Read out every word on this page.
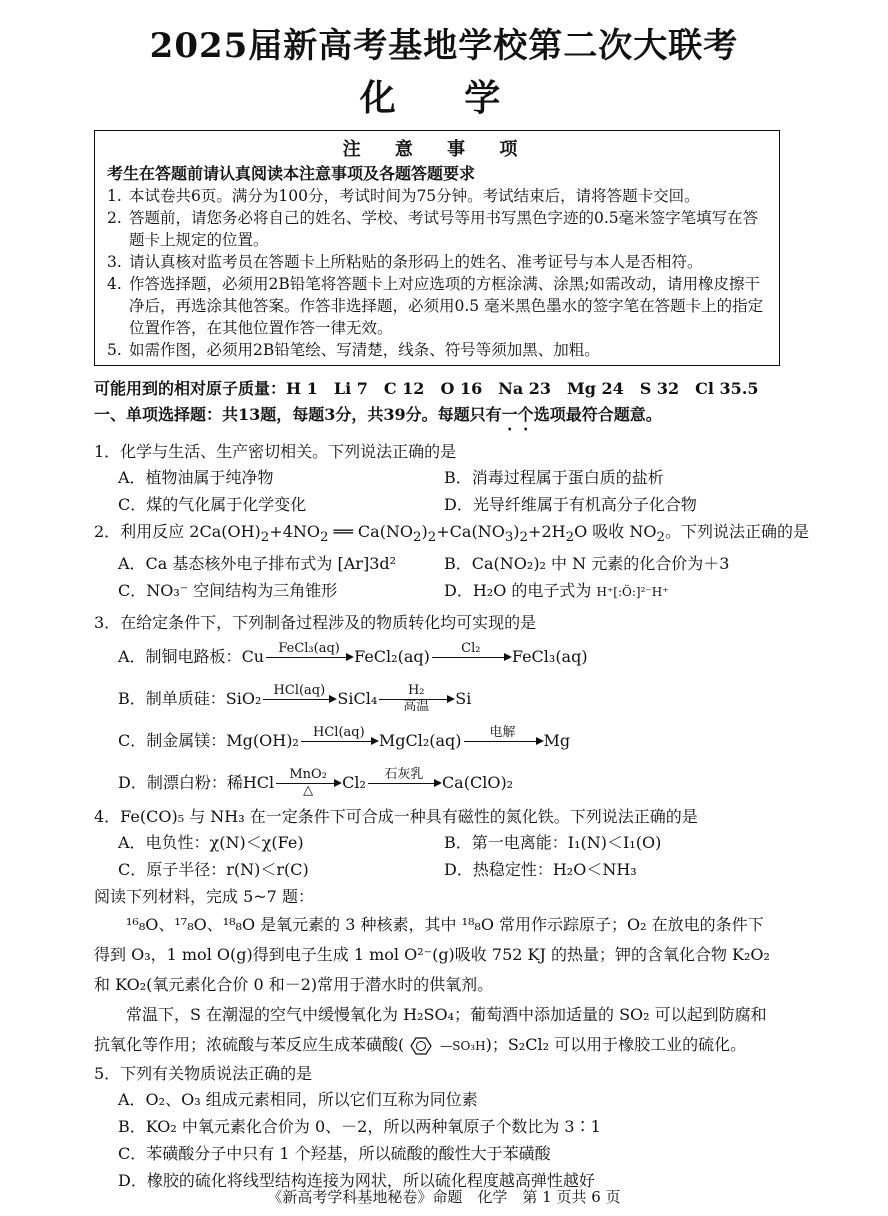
2025届新高考基地学校第二次大联考
化 学
注 意 事 项
考生在答题前请认真阅读本注意事项及各题答题要求
1. 本试卷共6页。满分为100分，考试时间为75分钟。考试结束后，请将答题卡交回。
2. 答题前，请您务必将自己的姓名、学校、考试号等用书写黑色字迹的0.5毫米签字笔填写在答题卡上规定的位置。
3. 请认真核对监考员在答题卡上所粘贴的条形码上的姓名、准考证号与本人是否相符。
4. 作答选择题，必须用2B铅笔将答题卡上对应选项的方框涂满、涂黑;如需改动，请用橡皮擦干净后，再选涂其他答案。作答非选择题，必须用0.5 毫米黑色墨水的签字笔在答题卡上的指定位置作答，在其他位置作答一律无效。
5. 如需作图，必须用2B铅笔绘、写清楚，线条、符号等须加黑、加粗。
可能用到的相对原子质量：H 1　Li 7　C 12　O 16　Na 23　Mg 24　S 32　Cl 35.5
一、单项选择题：共13题，每题3分，共39分。每题只有一个选项最符合题意。
1．化学与生活、生产密切相关。下列说法正确的是
A．植物油属于纯净物	B．消毒过程属于蛋白质的盐析
C．煤的气化属于化学变化	D．光导纤维属于有机高分子化合物
2．利用反应 $2Ca(OH)_2+4NO_2$ ══ $Ca(NO_2)_2+Ca(NO_3)_2+2H_2O$ 吸收 $NO_2$。下列说法正确的是
A．Ca 基态核外电子排布式为 [Ar]3d²	B．Ca(NO₂)₂ 中 N 元素的化合价为＋3
C．NO₃⁻ 空间结构为三角锥形	D．H₂O 的电子式为 H⁺[:Ö:]²⁻H⁺
3．在给定条件下，下列制备过程涉及的物质转化均可实现的是
A．制铜电路板： Cu FeCl₃(aq) FeCl₂(aq) Cl₂ FeCl₃(aq)
B．制单质硅： SiO₂ HCl(aq) SiCl₄ H₂
高温 Si
C．制金属镁： Mg(OH)₂ HCl(aq) MgCl₂(aq) 电解 Mg
D．制漂白粉：稀 HCl MnO₂
△ Cl₂ 石灰乳 Ca(ClO)₂
4．Fe(CO)₅ 与 NH₃ 在一定条件下可合成一种具有磁性的氮化铁。下列说法正确的是
A．电负性：χ(N)＜χ(Fe)	B．第一电离能：I₁(N)＜I₁(O)
C．原子半径：r(N)＜r(C)	D．热稳定性：H₂O＜NH₃
阅读下列材料，完成 5~7 题：
¹⁶₈O、¹⁷₈O、¹⁸₈O 是氧元素的 3 种核素，其中 ¹⁸₈O 常用作示踪原子；O₂ 在放电的条件下得到 O₃，1 mol O(g)得到电子生成 1 mol O²⁻(g)吸收 752 KJ 的热量；钾的含氧化合物 K₂O₂ 和 KO₂(氧元素化合价 0 和－2)常用于潜水时的供氧剂。
常温下，S 在潮湿的空气中缓慢氧化为 H₂SO₄；葡萄酒中添加适量的 SO₂ 可以起到防腐和抗氧化等作用；浓硫酸与苯反应生成苯磺酸(	—SO₃H)；S₂Cl₂ 可以用于橡胶工业的硫化。
5．下列有关物质说法正确的是
A．O₂、O₃ 组成元素相同，所以它们互称为同位素
B．KO₂ 中氧元素化合价为 0、－2，所以两种氧原子个数比为 3∶1
C．苯磺酸分子中只有 1 个羟基，所以硫酸的酸性大于苯磺酸
D．橡胶的硫化将线型结构连接为网状，所以硫化程度越高弹性越好
《新高考学科基地秘卷》命题　化学　第 1 页共 6 页
